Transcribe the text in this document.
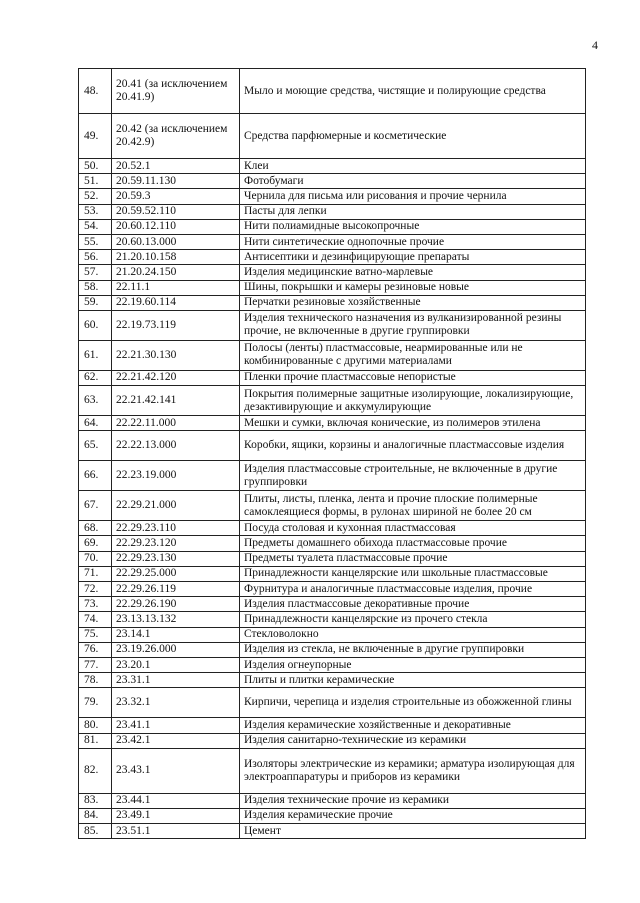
4
48.	20.41 (за исключением 20.41.9)	Мыло и моющие средства, чистящие и полирующие средства
49.	20.42 (за исключением 20.42.9)	Средства парфюмерные и косметические
50.	20.52.1	Клеи
51.	20.59.11.130	Фотобумаги
52.	20.59.3	Чернила для письма или рисования и прочие чернила
53.	20.59.52.110	Пасты для лепки
54.	20.60.12.110	Нити полиамидные высокопрочные
55.	20.60.13.000	Нити синтетические однопочные прочие
56.	21.20.10.158	Антисептики и дезинфицирующие препараты
57.	21.20.24.150	Изделия медицинские ватно-марлевые
58.	22.11.1	Шины, покрышки и камеры резиновые новые
59.	22.19.60.114	Перчатки резиновые хозяйственные
60.	22.19.73.119	Изделия технического назначения из вулканизированной резины прочие, не включенные в другие группировки
61.	22.21.30.130	Полосы (ленты) пластмассовые, неармированные или не комбинированные с другими материалами
62.	22.21.42.120	Пленки прочие пластмассовые непористые
63.	22.21.42.141	Покрытия полимерные защитные изолирующие, локализирующие, дезактивирующие и аккумулирующие
64.	22.22.11.000	Мешки и сумки, включая конические, из полимеров этилена
65.	22.22.13.000	Коробки, ящики, корзины и аналогичные пластмассовые изделия
66.	22.23.19.000	Изделия пластмассовые строительные, не включенные в другие группировки
67.	22.29.21.000	Плиты, листы, пленка, лента и прочие плоские полимерные самоклеящиеся формы, в рулонах шириной не более 20 см
68.	22.29.23.110	Посуда столовая и кухонная пластмассовая
69.	22.29.23.120	Предметы домашнего обихода пластмассовые прочие
70.	22.29.23.130	Предметы туалета пластмассовые прочие
71.	22.29.25.000	Принадлежности канцелярские или школьные пластмассовые
72.	22.29.26.119	Фурнитура и аналогичные пластмассовые изделия, прочие
73.	22.29.26.190	Изделия пластмассовые декоративные прочие
74.	23.13.13.132	Принадлежности канцелярские из прочего стекла
75.	23.14.1	Стекловолокно
76.	23.19.26.000	Изделия из стекла, не включенные в другие группировки
77.	23.20.1	Изделия огнеупорные
78.	23.31.1	Плиты и плитки керамические
79.	23.32.1	Кирпичи, черепица и изделия строительные из обожженной глины
80.	23.41.1	Изделия керамические хозяйственные и декоративные
81.	23.42.1	Изделия санитарно-технические из керамики
82.	23.43.1	Изоляторы электрические из керамики; арматура изолирующая для электроаппаратуры и приборов из керамики
83.	23.44.1	Изделия технические прочие из керамики
84.	23.49.1	Изделия керамические прочие
85.	23.51.1	Цемент
